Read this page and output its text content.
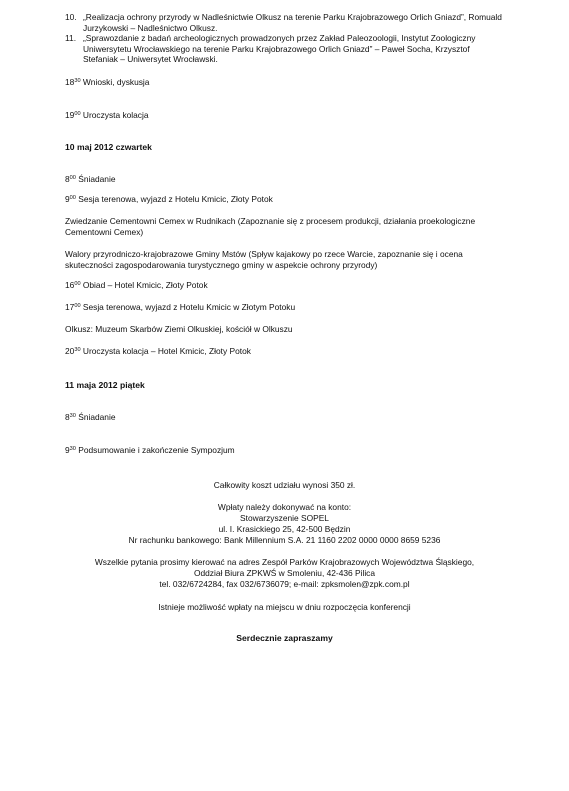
10. „Realizacja ochrony przyrody w Nadleśnictwie Olkusz na terenie Parku Krajobrazowego Orlich Gniazd”, Romuald Jurzykowski – Nadleśnictwo Olkusz.
11. „Sprawozdanie z badań archeologicznych prowadzonych przez Zakład Paleozoologii, Instytut Zoologiczny Uniwersytetu Wrocławskiego na terenie Parku Krajobrazowego Orlich Gniazd” – Paweł Socha, Krzysztof Stefaniak – Uniwersytet Wrocławski.
$18^{30}$ Wnioski, dyskusja
$19^{00}$ Uroczysta kolacja
10 maj 2012 czwartek
$8^{00}$ Śniadanie
$9^{00}$ Sesja terenowa, wyjazd z Hotelu Kmicic, Złoty Potok
Zwiedzanie Cementowni Cemex w Rudnikach (Zapoznanie się z procesem produkcji, działania proekologiczne Cementowni Cemex)
Walory przyrodniczo-krajobrazowe Gminy Mstów (Spływ kajakowy po rzece Warcie, zapoznanie się i ocena skuteczności zagospodarowania turystycznego gminy w aspekcie ochrony przyrody)
$16^{00}$ Obiad – Hotel Kmicic, Złoty Potok
$17^{00}$ Sesja terenowa, wyjazd z Hotelu Kmicic w Złotym Potoku
Olkusz: Muzeum Skarbów Ziemi Olkuskiej, kościół w Olkuszu
$20^{30}$ Uroczysta kolacja – Hotel Kmicic, Złoty Potok
11 maja 2012 piątek
$8^{30}$ Śniadanie
$9^{30}$ Podsumowanie i zakończenie Sympozjum
Całkowity koszt udziału wynosi 350 zł.
Wpłaty należy dokonywać na konto:
Stowarzyszenie SOPEL
ul. I. Krasickiego 25, 42-500 Będzin
Nr rachunku bankowego: Bank Millennium S.A. 21 1160 2202 0000 0000 8659 5236
Wszelkie pytania prosimy kierować na adres Zespół Parków Krajobrazowych Województwa Śląskiego,
Oddział Biura ZPKWŚ w Smoleniu, 42-436 Pilica
tel. 032/6724284, fax 032/6736079; e-mail: zpksmolen@zpk.com.pl
Istnieje możliwość wpłaty na miejscu w dniu rozpoczęcia konferencji
Serdecznie zapraszamy
